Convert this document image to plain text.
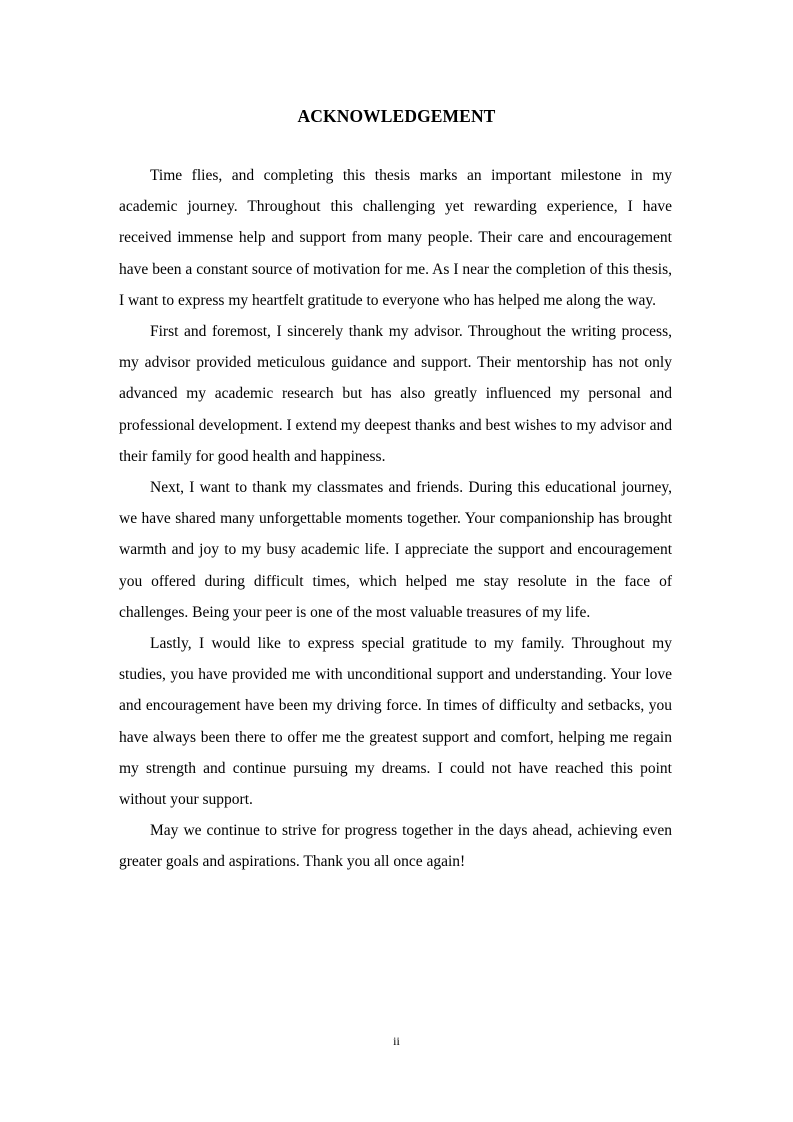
ACKNOWLEDGEMENT

Time flies, and completing this thesis marks an important milestone in my academic journey. Throughout this challenging yet rewarding experience, I have received immense help and support from many people. Their care and encouragement have been a constant source of motivation for me. As I near the completion of this thesis, I want to express my heartfelt gratitude to everyone who has helped me along the way.

First and foremost, I sincerely thank my advisor. Throughout the writing process, my advisor provided meticulous guidance and support. Their mentorship has not only advanced my academic research but has also greatly influenced my personal and professional development. I extend my deepest thanks and best wishes to my advisor and their family for good health and happiness.

Next, I want to thank my classmates and friends. During this educational journey, we have shared many unforgettable moments together. Your companionship has brought warmth and joy to my busy academic life. I appreciate the support and encouragement you offered during difficult times, which helped me stay resolute in the face of challenges. Being your peer is one of the most valuable treasures of my life.

Lastly, I would like to express special gratitude to my family. Throughout my studies, you have provided me with unconditional support and understanding. Your love and encouragement have been my driving force. In times of difficulty and setbacks, you have always been there to offer me the greatest support and comfort, helping me regain my strength and continue pursuing my dreams. I could not have reached this point without your support.

May we continue to strive for progress together in the days ahead, achieving even greater goals and aspirations. Thank you all once again!

ii
